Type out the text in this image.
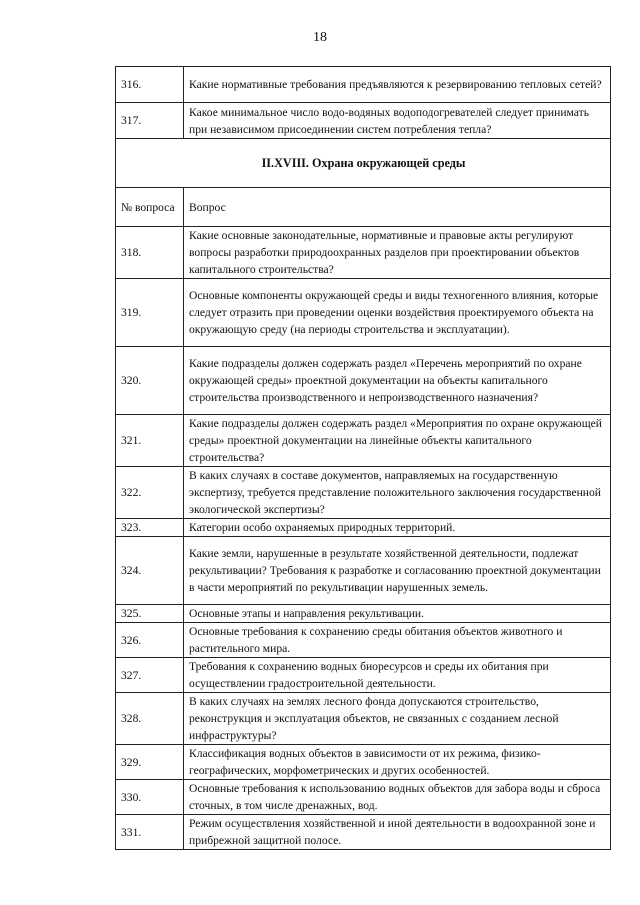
18
316.	Какие нормативные требования предъявляются к резервированию тепловых сетей?
317.	Какое минимальное число водо-водяных водоподогревателей следует принимать при независимом присоединении систем потребления тепла?
II.XVIII. Охрана окружающей среды	
№ вопроса	Вопрос
318.	Какие основные законодательные, нормативные и правовые акты регулируют вопросы разработки природоохранных разделов при проектировании объектов капитального строительства?
319.	Основные компоненты окружающей среды и виды техногенного влияния, которые следует отразить при проведении оценки воздействия проектируемого объекта на окружающую среду (на периоды строительства и эксплуатации).
320.	Какие подразделы должен содержать раздел «Перечень мероприятий по охране окружающей среды» проектной документации на объекты капитального строительства производственного и непроизводственного назначения?
321.	Какие подразделы должен содержать раздел «Мероприятия по охране окружающей среды» проектной документации на линейные объекты капитального строительства?
322.	В каких случаях в составе документов, направляемых на государственную экспертизу, требуется представление положительного заключения государственной экологической экспертизы?
323.	Категории особо охраняемых природных территорий.
324.	Какие земли, нарушенные в результате хозяйственной деятельности, подлежат рекультивации? Требования к разработке и согласованию проектной документации в части мероприятий по рекультивации нарушенных земель.
325.	Основные этапы и направления рекультивации.
326.	Основные требования к сохранению среды обитания объектов животного и растительного мира.
327.	Требования к сохранению водных биоресурсов и среды их обитания при осуществлении градостроительной деятельности.
328.	В каких случаях на землях лесного фонда допускаются строительство, реконструкция и эксплуатация объектов, не связанных с созданием лесной инфраструктуры?
329.	Классификация водных объектов в зависимости от их режима, физико-географических, морфометрических и других особенностей.
330.	Основные требования к использованию водных объектов для забора воды и сброса сточных, в том числе дренажных, вод.
331.	Режим осуществления хозяйственной и иной деятельности в водоохранной зоне и прибрежной защитной полосе.
